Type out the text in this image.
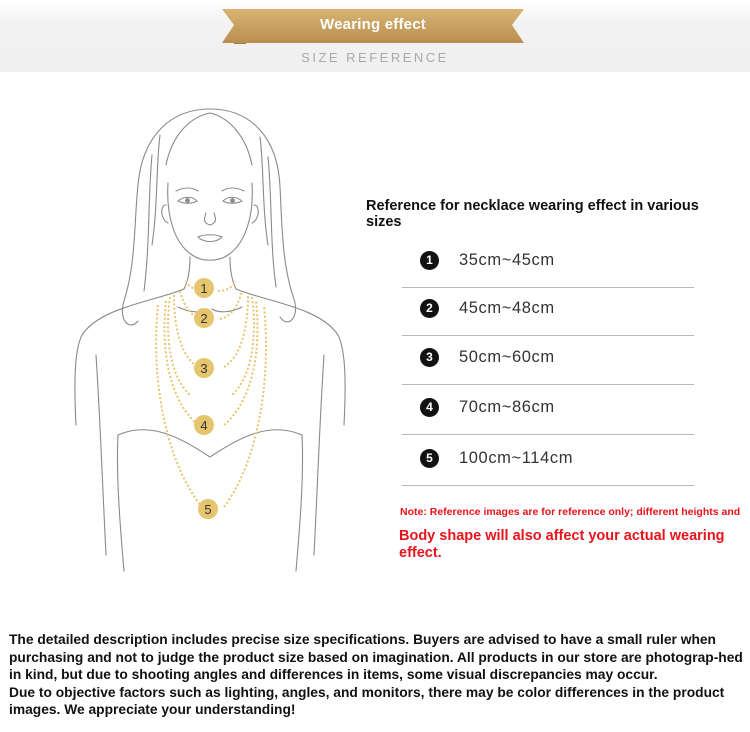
Wearing effect
SIZE REFERENCE
1
2
3
4
5
Reference for necklace wearing effect in various sizes
1	35cm~45cm
2	45cm~48cm
3	50cm~60cm
4	70cm~86cm
5	100cm~114cm
Note: Reference images are for reference only; different heights and
Body shape will also affect your actual wearing effect.

The detailed description includes precise size specifications. Buyers are advised to have a small ruler when purchasing and not to judge the product size based on imagination. All products in our store are photograp-hed in kind, but due to shooting angles and differences in items, some visual discrepancies may occur.

Due to objective factors such as lighting, angles, and monitors, there may be color differences in the product images. We appreciate your understanding!
